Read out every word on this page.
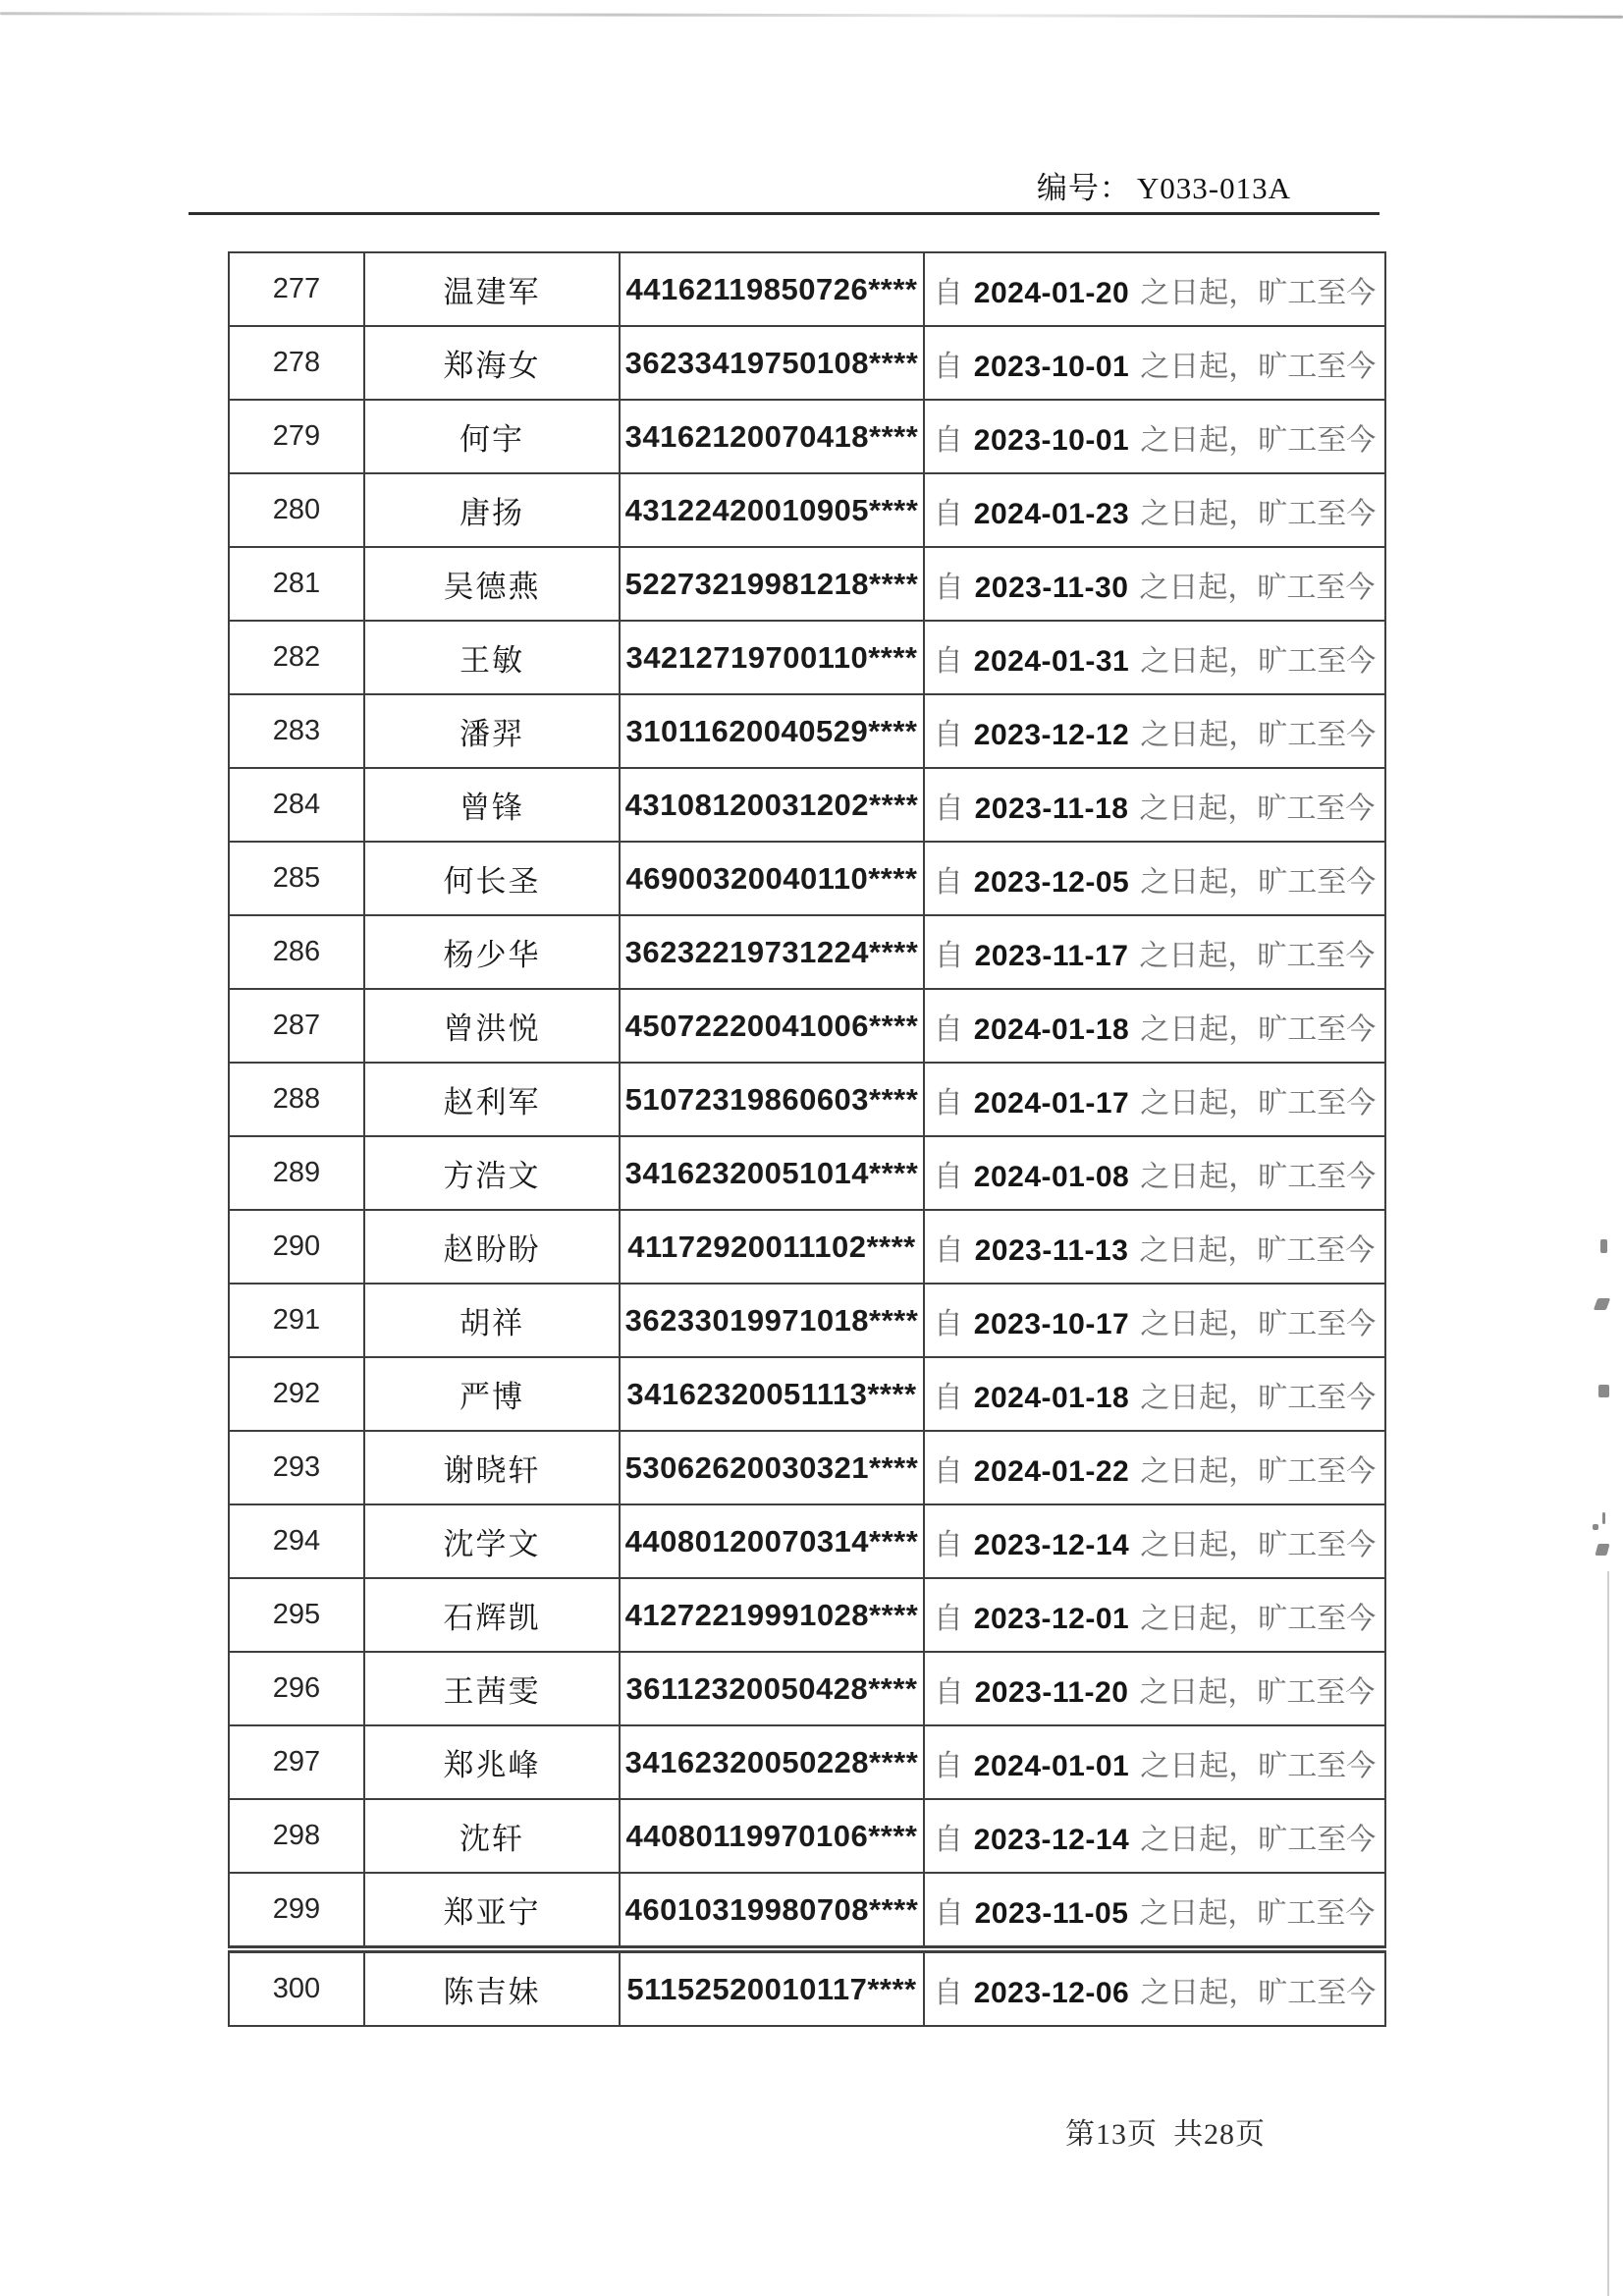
编号： Y033-013A
277	温建军	44162119850726****	自 2024-01-20 之日起，旷工至今
278	郑海女	36233419750108****	自 2023-10-01 之日起，旷工至今
279	何宇	34162120070418****	自 2023-10-01 之日起，旷工至今
280	唐扬	43122420010905****	自 2024-01-23 之日起，旷工至今
281	吴德燕	52273219981218****	自 2023-11-30 之日起，旷工至今
282	王敏	34212719700110****	自 2024-01-31 之日起，旷工至今
283	潘羿	31011620040529****	自 2023-12-12 之日起，旷工至今
284	曾锋	43108120031202****	自 2023-11-18 之日起，旷工至今
285	何长圣	46900320040110****	自 2023-12-05 之日起，旷工至今
286	杨少华	36232219731224****	自 2023-11-17 之日起，旷工至今
287	曾洪悦	45072220041006****	自 2024-01-18 之日起，旷工至今
288	赵利军	51072319860603****	自 2024-01-17 之日起，旷工至今
289	方浩文	34162320051014****	自 2024-01-08 之日起，旷工至今
290	赵盼盼	41172920011102****	自 2023-11-13 之日起，旷工至今
291	胡祥	36233019971018****	自 2023-10-17 之日起，旷工至今
292	严博	34162320051113****	自 2024-01-18 之日起，旷工至今
293	谢晓轩	53062620030321****	自 2024-01-22 之日起，旷工至今
294	沈学文	44080120070314****	自 2023-12-14 之日起，旷工至今
295	石辉凯	41272219991028****	自 2023-12-01 之日起，旷工至今
296	王茜雯	36112320050428****	自 2023-11-20 之日起，旷工至今
297	郑兆峰	34162320050228****	自 2024-01-01 之日起，旷工至今
298	沈轩	44080119970106****	自 2023-12-14 之日起，旷工至今
299	郑亚宁	46010319980708****	自 2023-11-05 之日起，旷工至今
300	陈吉妹	51152520010117****	自 2023-12-06 之日起，旷工至今
第13页 共28页
